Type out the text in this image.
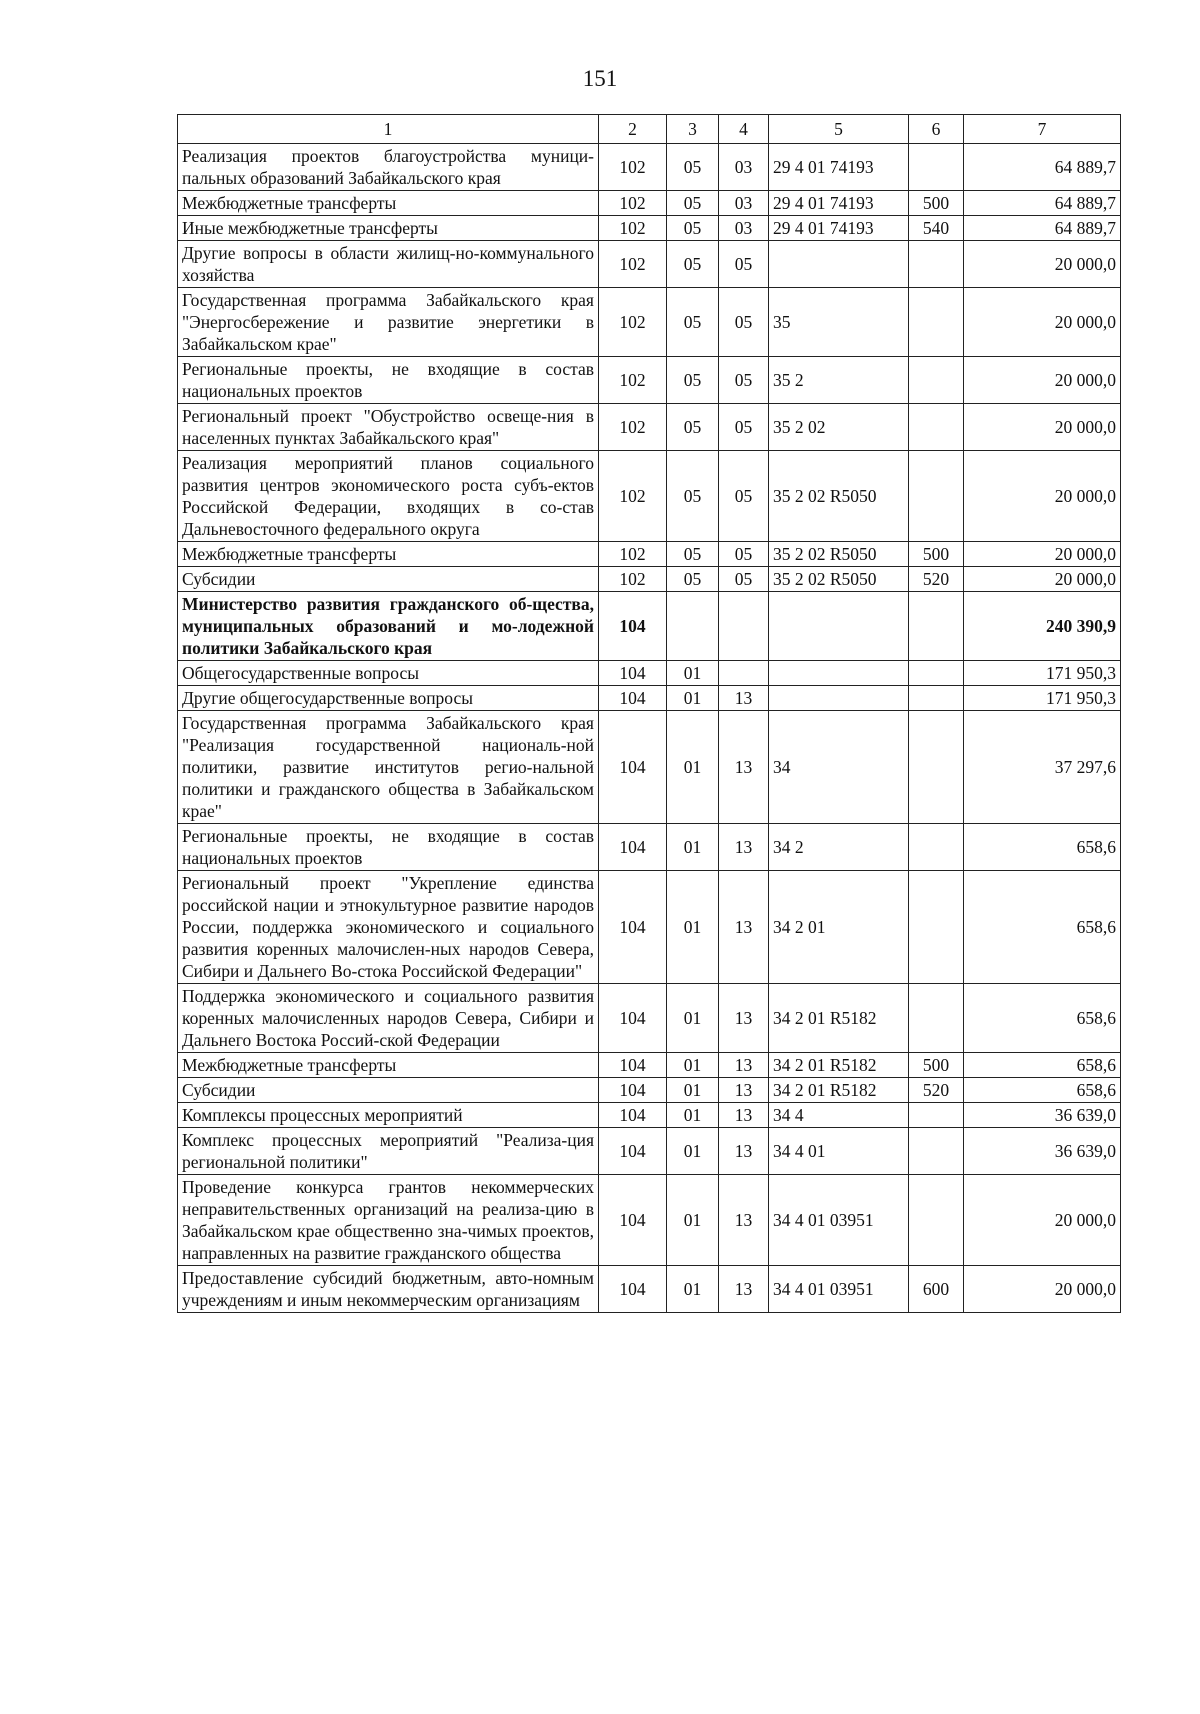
151
1	2	3	4	5	6	7
Реализация проектов благоустройства муници-пальных образований Забайкальского края	102	05	03	29 4 01 74193		64 889,7
Межбюджетные трансферты	102	05	03	29 4 01 74193	500	64 889,7
Иные межбюджетные трансферты	102	05	03	29 4 01 74193	540	64 889,7
Другие вопросы в области жилищ-но-коммунального хозяйства	102	05	05			20 000,0
Государственная программа Забайкальского края "Энергосбережение и развитие энергетики в Забайкальском крае"	102	05	05	35		20 000,0
Региональные проекты, не входящие в состав национальных проектов	102	05	05	35 2		20 000,0
Региональный проект "Обустройство освеще-ния в населенных пунктах Забайкальского края"	102	05	05	35 2 02		20 000,0
Реализация мероприятий планов социального развития центров экономического роста субъ-ектов Российской Федерации, входящих в со-став Дальневосточного федерального округа	102	05	05	35 2 02 R5050		20 000,0
Межбюджетные трансферты	102	05	05	35 2 02 R5050	500	20 000,0
Субсидии	102	05	05	35 2 02 R5050	520	20 000,0
Министерство развития гражданского об-щества, муниципальных образований и мо-лодежной политики Забайкальского края	104					240 390,9
Общегосударственные вопросы	104	01				171 950,3
Другие общегосударственные вопросы	104	01	13			171 950,3
Государственная программа Забайкальского края "Реализация государственной националь-ной политики, развитие институтов регио-нальной политики и гражданского общества в Забайкальском крае"	104	01	13	34		37 297,6
Региональные проекты, не входящие в состав национальных проектов	104	01	13	34 2		658,6
Региональный проект "Укрепление единства российской нации и этнокультурное развитие народов России, поддержка экономического и социального развития коренных малочислен-ных народов Севера, Сибири и Дальнего Во-стока Российской Федерации"	104	01	13	34 2 01		658,6
Поддержка экономического и социального развития коренных малочисленных народов Севера, Сибири и Дальнего Востока Россий-ской Федерации	104	01	13	34 2 01 R5182		658,6
Межбюджетные трансферты	104	01	13	34 2 01 R5182	500	658,6
Субсидии	104	01	13	34 2 01 R5182	520	658,6
Комплексы процессных мероприятий	104	01	13	34 4		36 639,0
Комплекс процессных мероприятий "Реализа-ция региональной политики"	104	01	13	34 4 01		36 639,0
Проведение конкурса грантов некоммерческих неправительственных организаций на реализа-цию в Забайкальском крае общественно зна-чимых проектов, направленных на развитие гражданского общества	104	01	13	34 4 01 03951		20 000,0
Предоставление субсидий бюджетным, авто-номным учреждениям и иным некоммерческим организациям	104	01	13	34 4 01 03951	600	20 000,0
